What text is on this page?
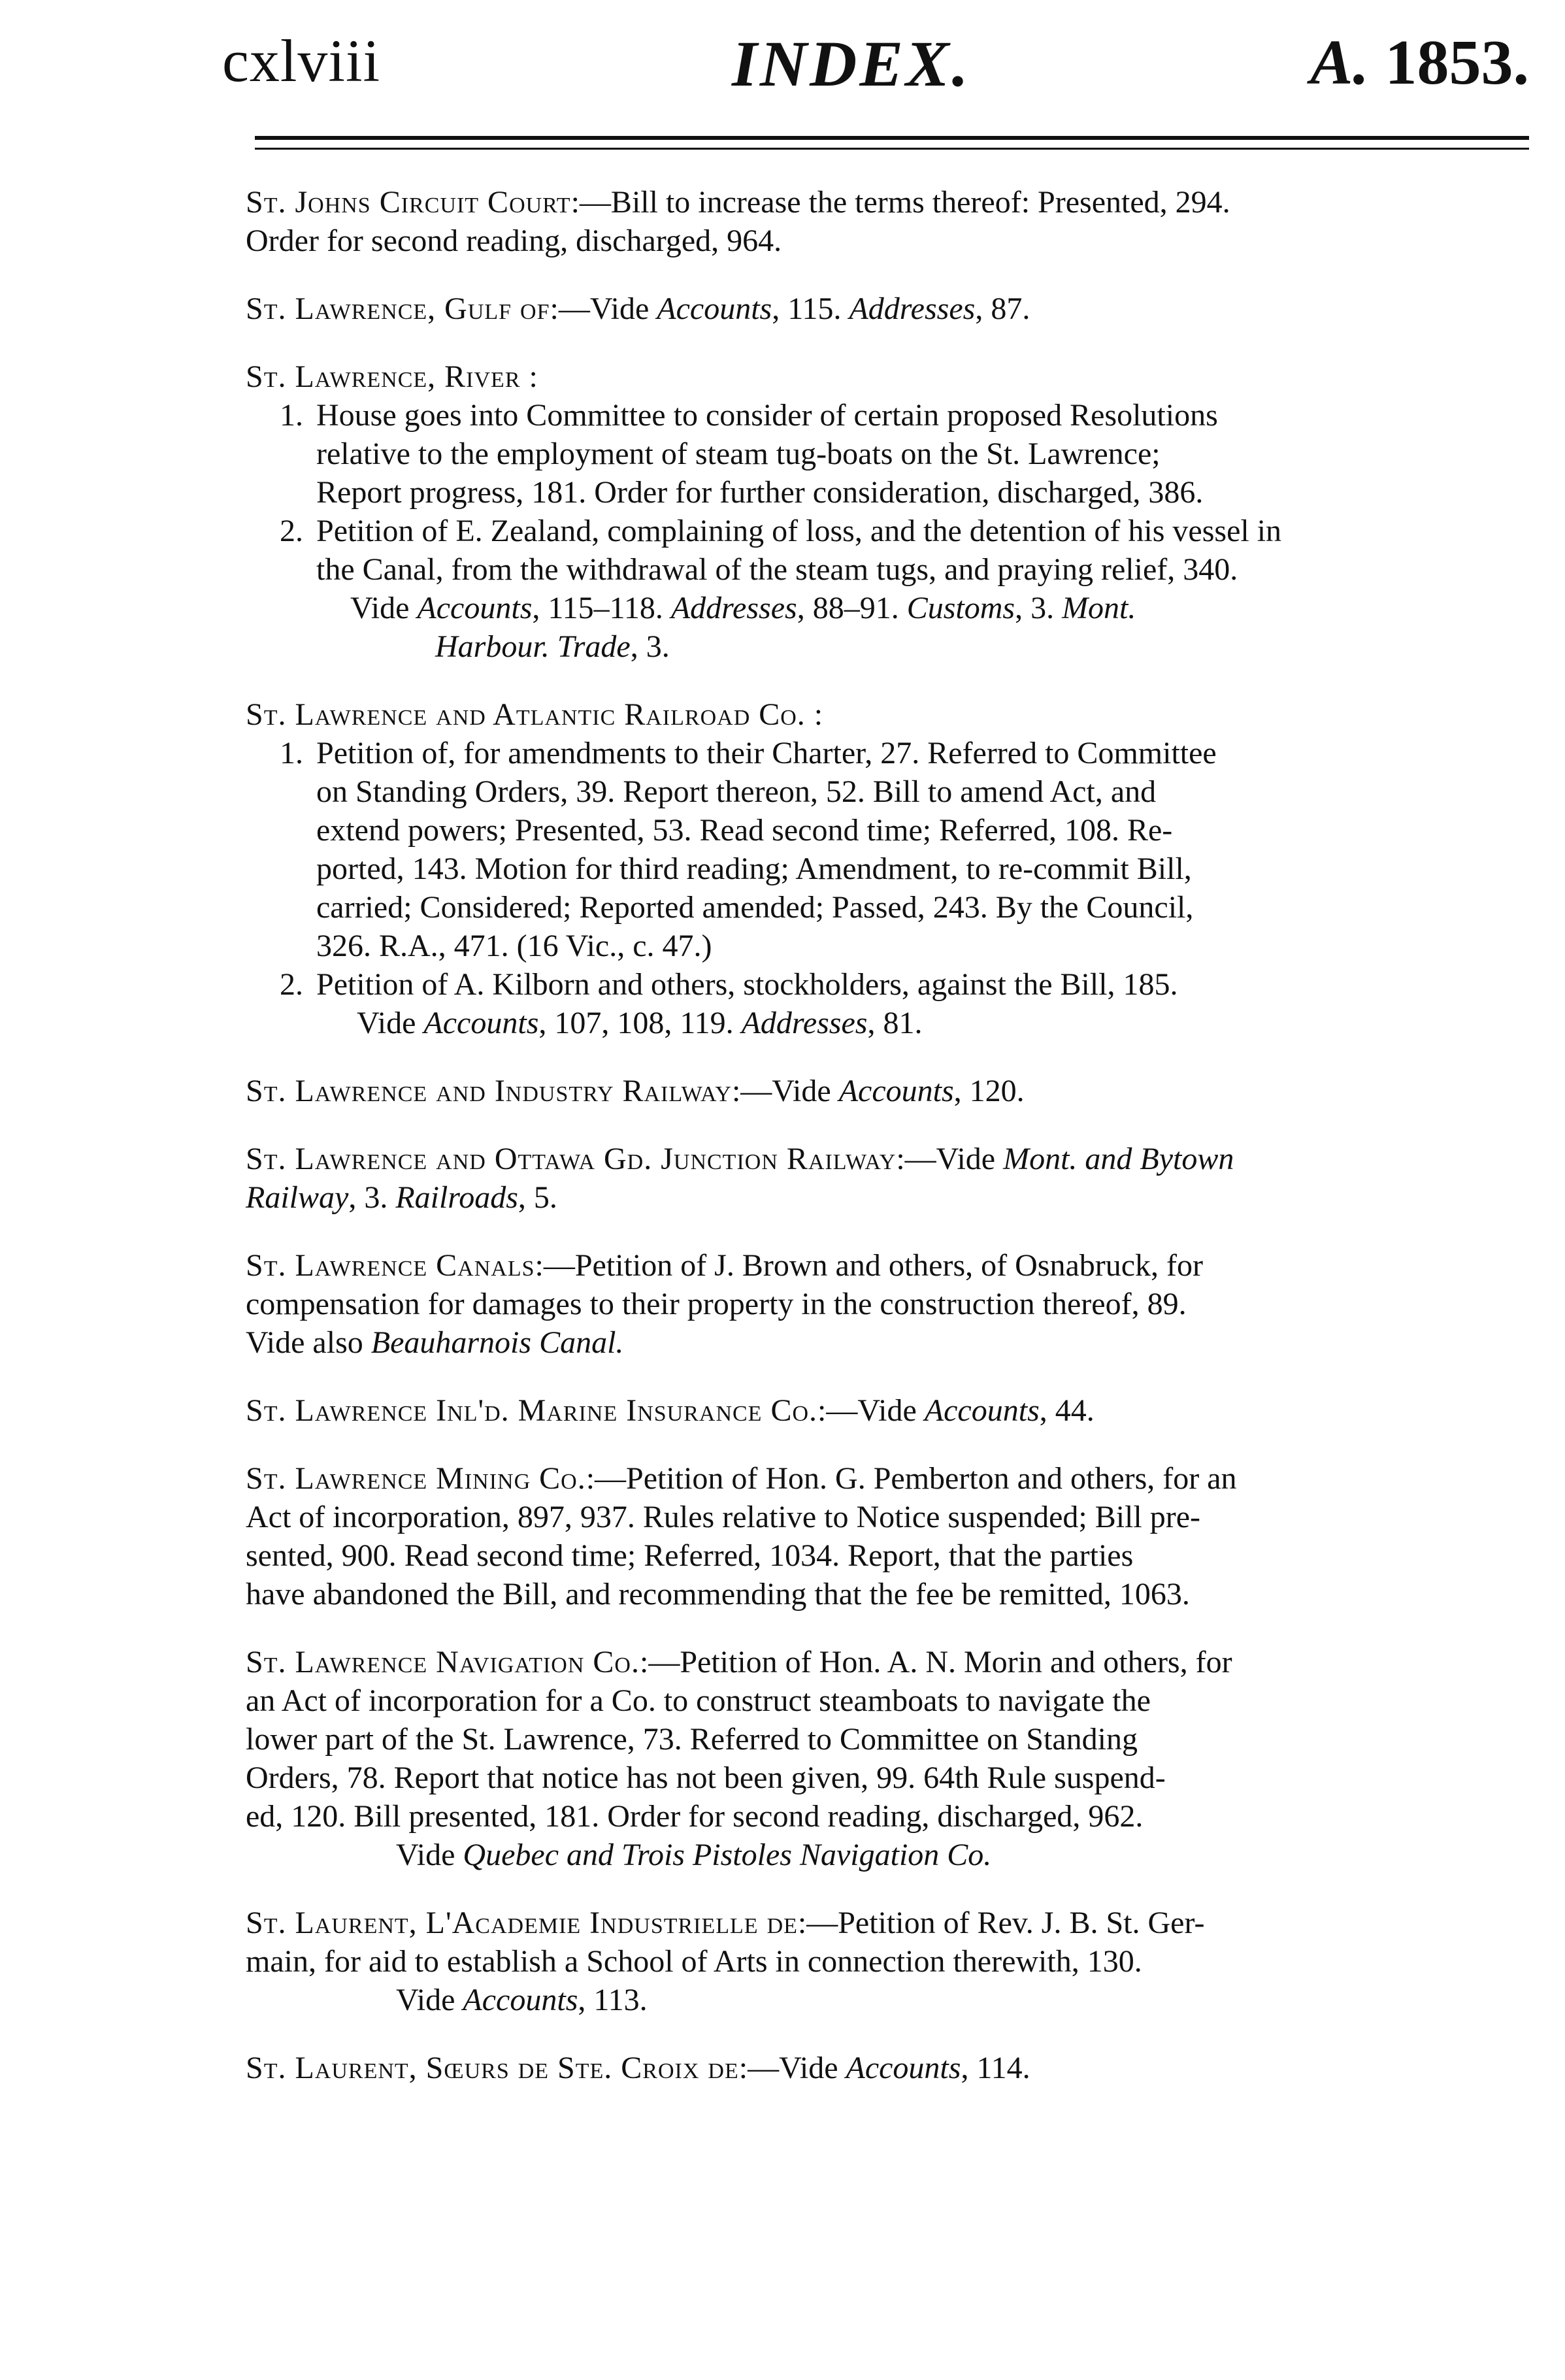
cxlviii	INDEX.	A. 1853.
St. Johns Circuit Court:—Bill to increase the terms thereof: Presented, 294.
Order for second reading, discharged, 964.
St. Lawrence, Gulf of:—Vide Accounts, 115. Addresses, 87.
St. Lawrence, River :
1. House goes into Committee to consider of certain proposed Resolutions
relative to the employment of steam tug-boats on the St. Lawrence;
Report progress, 181. Order for further consideration, discharged, 386.
2. Petition of E. Zealand, complaining of loss, and the detention of his vessel in
the Canal, from the withdrawal of the steam tugs, and praying relief, 340.
Vide Accounts, 115–118. Addresses, 88–91. Customs, 3. Mont.
Harbour. Trade, 3.
St. Lawrence and Atlantic Railroad Co. :
1. Petition of, for amendments to their Charter, 27. Referred to Committee
on Standing Orders, 39. Report thereon, 52. Bill to amend Act, and
extend powers; Presented, 53. Read second time; Referred, 108. Re-
ported, 143. Motion for third reading; Amendment, to re-commit Bill,
carried; Considered; Reported amended; Passed, 243. By the Council,
326. R.A., 471. (16 Vic., c. 47.)
2. Petition of A. Kilborn and others, stockholders, against the Bill, 185.
Vide Accounts, 107, 108, 119. Addresses, 81.
St. Lawrence and Industry Railway:—Vide Accounts, 120.
St. Lawrence and Ottawa Gd. Junction Railway:—Vide Mont. and Bytown
Railway, 3. Railroads, 5.
St. Lawrence Canals:—Petition of J. Brown and others, of Osnabruck, for
compensation for damages to their property in the construction thereof, 89.
Vide also Beauharnois Canal.
St. Lawrence Inl'd. Marine Insurance Co.:—Vide Accounts, 44.
St. Lawrence Mining Co.:—Petition of Hon. G. Pemberton and others, for an
Act of incorporation, 897, 937. Rules relative to Notice suspended; Bill pre-
sented, 900. Read second time; Referred, 1034. Report, that the parties
have abandoned the Bill, and recommending that the fee be remitted, 1063.
St. Lawrence Navigation Co.:—Petition of Hon. A. N. Morin and others, for
an Act of incorporation for a Co. to construct steamboats to navigate the
lower part of the St. Lawrence, 73. Referred to Committee on Standing
Orders, 78. Report that notice has not been given, 99. 64th Rule suspend-
ed, 120. Bill presented, 181. Order for second reading, discharged, 962.
Vide Quebec and Trois Pistoles Navigation Co.
St. Laurent, L'Academie Industrielle de:—Petition of Rev. J. B. St. Ger-
main, for aid to establish a School of Arts in connection therewith, 130.
Vide Accounts, 113.
St. Laurent, Sœurs de Ste. Croix de:—Vide Accounts, 114.
